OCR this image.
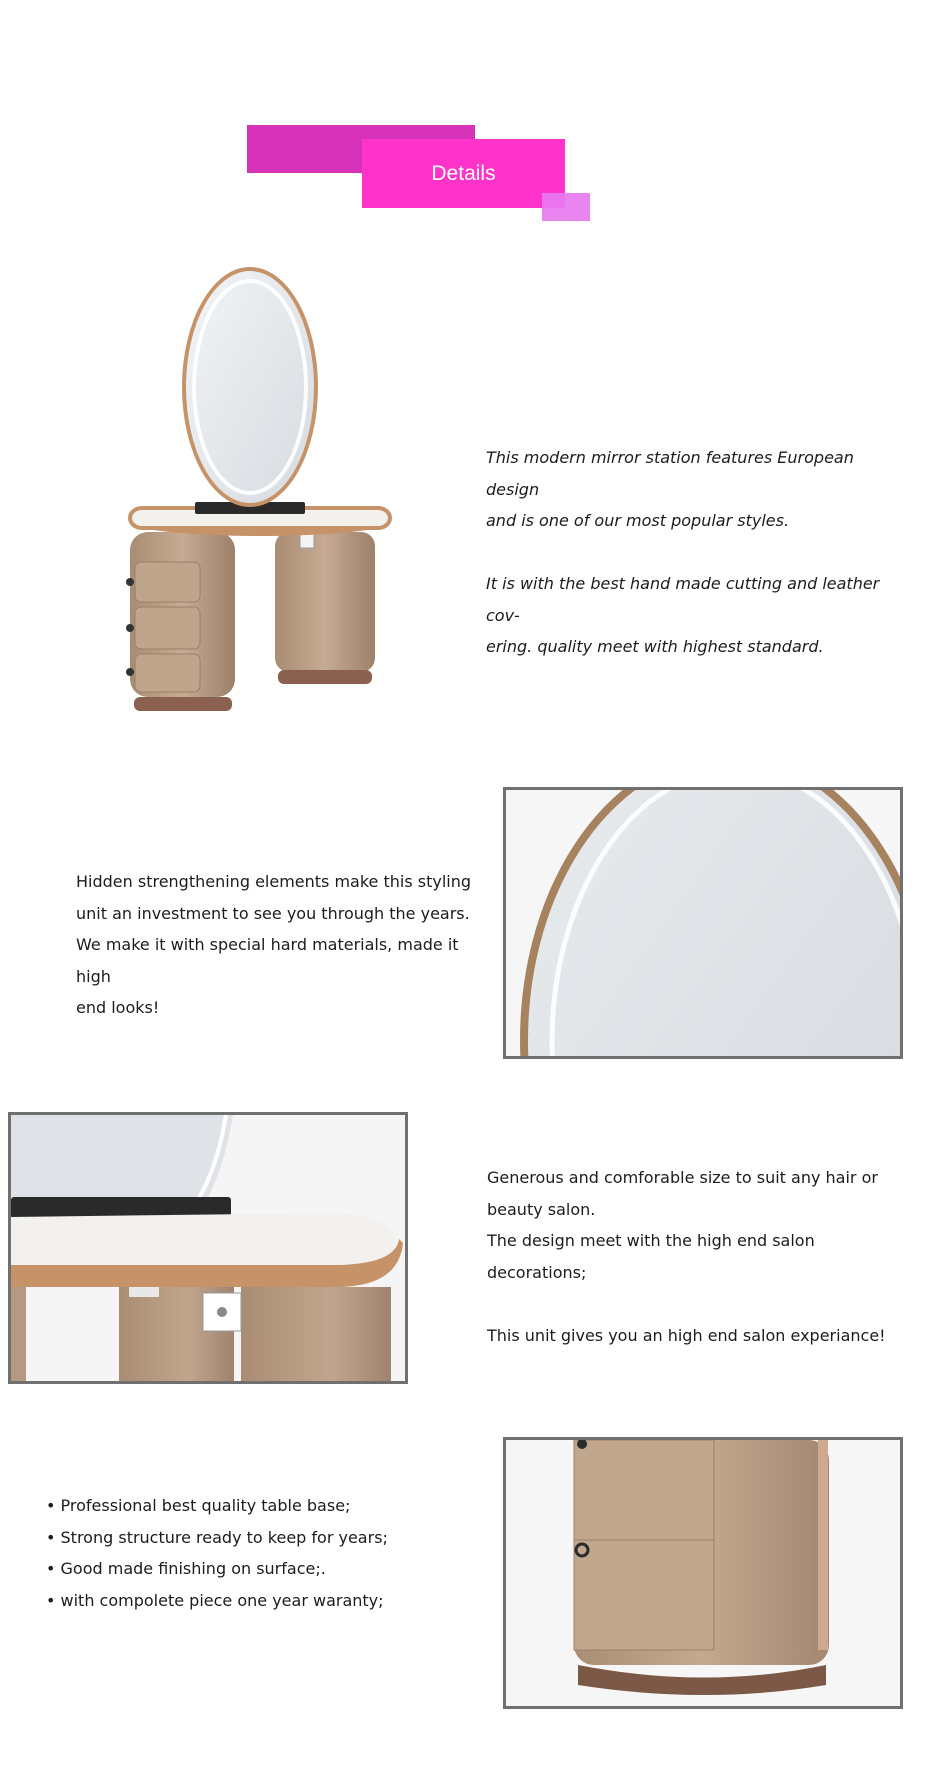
Details

This modern mirror station features European design

and is one of our most popular styles.

It is with the best hand made cutting and leather cov-

ering. quality meet with highest standard.

Hidden strengthening elements make this styling

unit an investment to see you through the years.

We make it with special hard materials, made it high

end looks!

Generous and comforable size to suit any hair or

beauty salon.

The design meet with the high end salon decorations;

This unit gives you an high end salon experiance!

• Professional best quality table base;

• Strong structure ready to keep for years;

• Good made finishing on surface;.

• with compolete piece one year waranty;
